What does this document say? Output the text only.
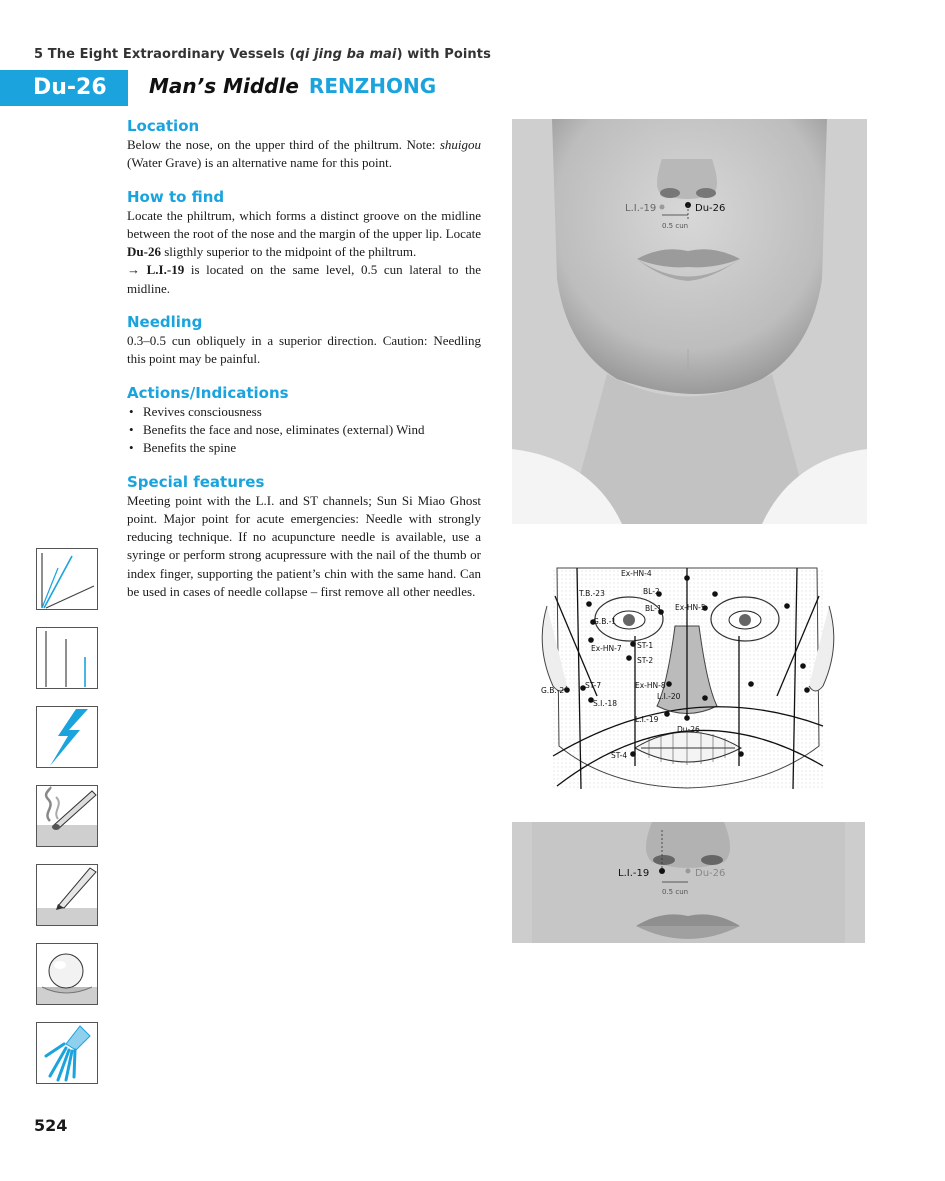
5 The Eight Extraordinary Vessels (qi jing ba mai) with Points
Du-26	Man’s Middle RENZHONG
Location

Below the nose, on the upper third of the philtrum. Note: shuigou (Water Grave) is an alternative name for this point.

How to find

Locate the philtrum, which forms a distinct groove on the midline between the root of the nose and the margin of the upper lip. Locate Du-26 sligthly superior to the midpoint of the philtrum.
→ L.I.-19 is located on the same level, 0.5 cun lateral to the midline.

Needling

0.3–0.5 cun obliquely in a superior direction. Caution: Needling this point may be painful.

Actions/Indications
• Revives consciousness
• Benefits the face and nose, eliminates (external) Wind
• Benefits the spine
Special features

Meeting point with the L.I. and ST channels; Sun Si Miao Ghost point. Major point for acute emergencies: Needle with strongly reducing technique. If no acupuncture needle is available, use a syringe or perform strong acupressure with the nail of the thumb or index finger, supporting the patient’s chin with the same hand. Can be used in cases of needle collapse – first remove all other needles.

L.I.-19	Du-26
0.5 cun
Ex-HN-4
T.B.-23	BL-2
BL-1 Ex-HN-5
G.B.-1
ST-1
Ex-HN-7
ST-2
Ex-HN-8
G.B.-2
ST-7
L.I.-20
S.I.-18
L.I.-19
Du-26
ST-4
L.I.-19	Du-26
0.5 cun
524
